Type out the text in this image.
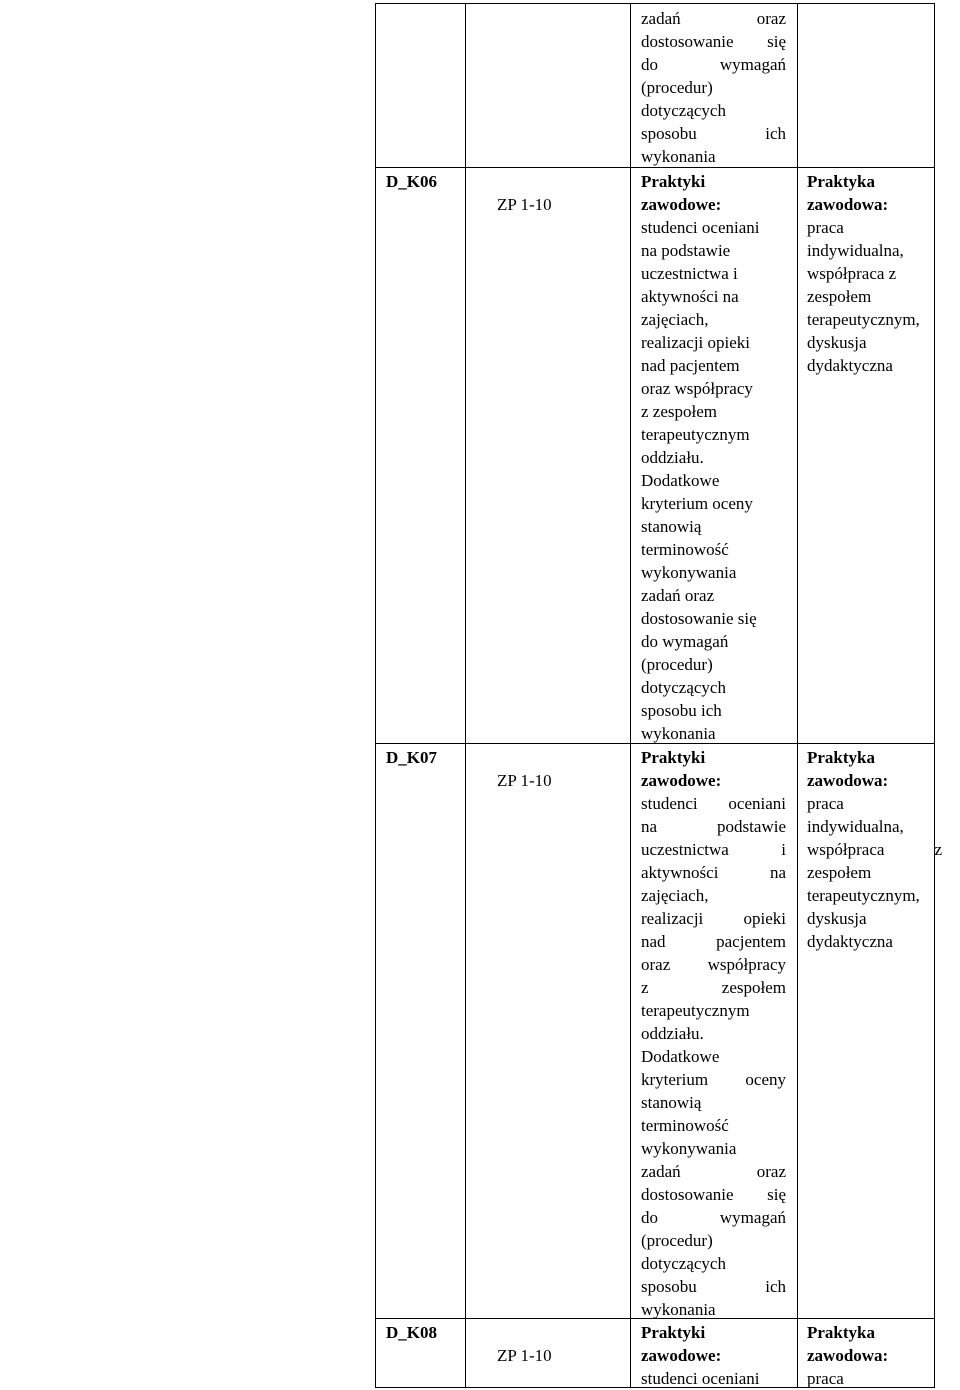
zadań oraz
dostosowanie się
do wymagań
(procedur)
dotyczących
sposobu ich
wykonania
D_K06
ZP 1-10
Praktyki
zawodowe:
studenci oceniani
na podstawie
uczestnictwa i
aktywności na
zajęciach,
realizacji opieki
nad pacjentem
oraz współpracy
z zespołem
terapeutycznym
oddziału.
Dodatkowe
kryterium oceny
stanowią
terminowość
wykonywania
zadań oraz
dostosowanie się
do wymagań
(procedur)
dotyczących
sposobu ich
wykonania
Praktyka
zawodowa:
praca
indywidualna,
współpraca z
zespołem
terapeutycznym,
dyskusja
dydaktyczna
D_K07
ZP 1-10
Praktyki
zawodowe:
studenci oceniani
na podstawie
uczestnictwa i
aktywności na
zajęciach,
realizacji opieki
nad pacjentem
oraz współpracy
z zespołem
terapeutycznym
oddziału.
Dodatkowe
kryterium oceny
stanowią
terminowość
wykonywania
zadań oraz
dostosowanie się
do wymagań
(procedur)
dotyczących
sposobu ich
wykonania
Praktyka
zawodowa:
praca
indywidualna,
współpraca z
zespołem
terapeutycznym,
dyskusja
dydaktyczna
D_K08
ZP 1-10
Praktyki
zawodowe:
studenci oceniani
Praktyka
zawodowa:
praca
